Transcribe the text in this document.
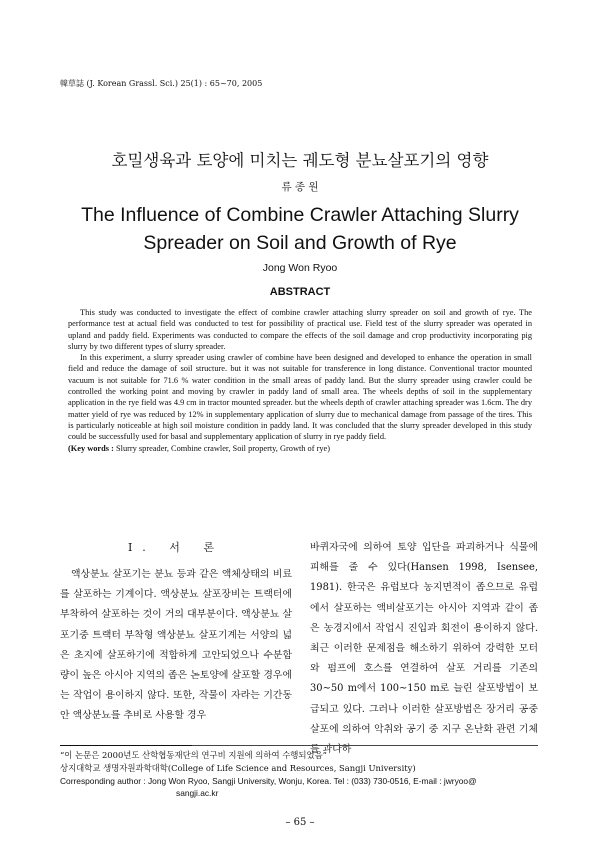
韓草誌 (J. Korean Grassl. Sci.) 25(1) : 65~70, 2005
호밀생육과 토양에 미치는 궤도형 분뇨살포기의 영향
류 종 원
The Influence of Combine Crawler Attaching Slurry
Spreader on Soil and Growth of Rye
Jong Won Ryoo
ABSTRACT

This study was conducted to investigate the effect of combine crawler attaching slurry spreader on soil and growth of rye. The performance test at actual field was conducted to test for possibility of practical use. Field test of the slurry spreader was operated in upland and paddy field. Experiments was conducted to compare the effects of the soil damage and crop productivity incorporating pig slurry by two different types of slurry spreader.

In this experiment, a slurry spreader using crawler of combine have been designed and developed to enhance the operation in small field and reduce the damage of soil structure. but it was not suitable for transference in long distance. Conventional tractor mounted vacuum is not suitable for 71.6 % water condition in the small areas of paddy land. But the slurry spreader using crawler could be controlled the working point and moving by crawler in paddy land of small area. The wheels depths of soil in the supplementary application in the rye field was 4.9 cm in tractor mounted spreader. but the wheels depth of crawler attaching spreader was 1.6cm. The dry matter yield of rye was reduced by 12% in supplementary application of slurry due to mechanical damage from passage of the tires. This is particularly noticeable at high soil moisture condition in paddy land. It was concluded that the slurry spreader developed in this study could be successfully used for basal and supplementary application of slurry in rye paddy field.

(Key words : Slurry spreader, Combine crawler, Soil property, Growth of rye)

Ⅰ. 서 론

액상분뇨 살포기는 분뇨 등과 같은 액체상태의 비료를 살포하는 기계이다. 액상분뇨 살포장비는 트랙터에 부착하여 살포하는 것이 거의 대부분이다. 액상분뇨 살포기중 트랙터 부착형 액상분뇨 살포기계는 서양의 넓은 초지에 살포하기에 적합하게 고안되었으나 수분함량이 높은 아시아 지역의 좁은 논토양에 살포할 경우에는 작업이 용이하지 않다. 또한, 작물이 자라는 기간동안 액상분뇨를 추비로 사용할 경우

바퀴자국에 의하여 토양 입단을 파괴하거나 식물에 피해를 줄 수 있다(Hansen 1998, Isensee, 1981). 한국은 유럽보다 농지면적이 좁으므로 유럽에서 살포하는 액비살포기는 아시아 지역과 같이 좁은 농경지에서 작업시 진입과 회전이 용이하지 않다. 최근 이러한 문제점을 해소하기 위하여 강력한 모터와 펌프에 호스를 연결하여 살포 거리를 기존의 30∼50 m에서 100∼150 m로 늘린 살포방법이 보급되고 있다. 그러나 이러한 살포방법은 장거리 공중살포에 의하여 악취와 공기 중 지구 온난화 관련 기체를 과다하

“이 논문은 2000년도 산학협동재단의 연구비 지원에 의하여 수행되었음”

상지대학교 생명자원과학대학(College of Life Science and Resources, Sangji University)

Corresponding author : Jong Won Ryoo, Sangji University, Wonju, Korea. Tel : (033) 730-0516, E-mail : jwryoo@

sangji.ac.kr

– 65 –
